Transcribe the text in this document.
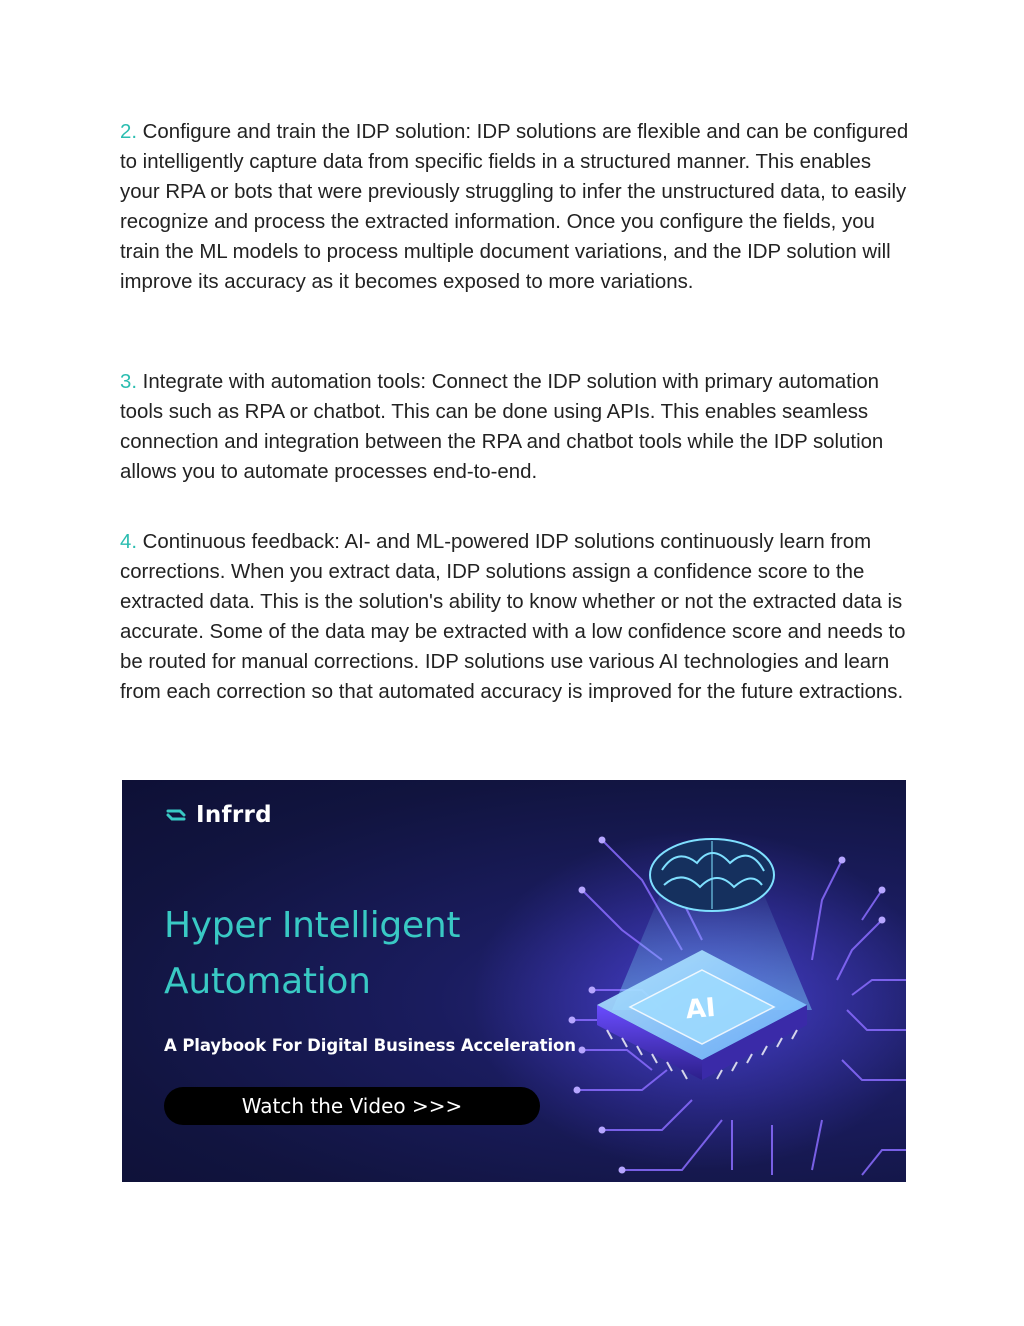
2. Configure and train the IDP solution: IDP solutions are flexible and can be configured to intelligently capture data from specific fields in a structured manner. This enables your RPA or bots that were previously struggling to infer the unstructured data, to easily recognize and process the extracted information. Once you configure the fields, you train the ML models to process multiple document variations, and the IDP solution will improve its accuracy as it becomes exposed to more variations.

3. Integrate with automation tools: Connect the IDP solution with primary automation tools such as RPA or chatbot. This can be done using APIs. This enables seamless connection and integration between the RPA and chatbot tools while the IDP solution allows you to automate processes end-to-end.

4. Continuous feedback: AI- and ML-powered IDP solutions continuously learn from corrections. When you extract data, IDP solutions assign a confidence score to the extracted data. This is the solution's ability to know whether or not the extracted data is accurate. Some of the data may be extracted with a low confidence score and needs to be routed for manual corrections. IDP solutions use various AI technologies and learn from each correction so that automated accuracy is improved for the future extractions.

AI
Infrrd
Hyper Intelligent
Automation
A Playbook For Digital Business Acceleration
Watch the Video >>>
